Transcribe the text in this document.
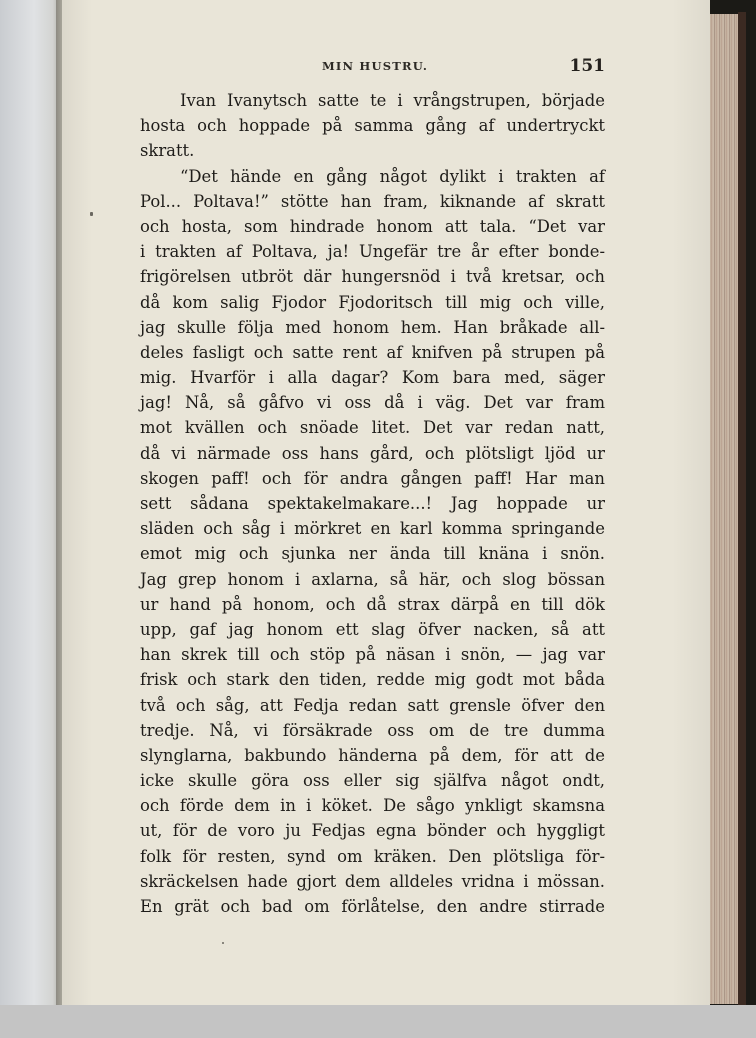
MIN HUSTRU.	151
Ivan Ivanytsch satte te i vrångstrupen, började
hosta och hoppade på samma gång af undertryckt
skratt.
“Det hände en gång något dylikt i trakten af
Pol... Poltava!” stötte han fram, kiknande af skratt
och hosta, som hindrade honom att tala. “Det var
i trakten af Poltava, ja! Ungefär tre år efter bonde-
frigörelsen utbröt där hungersnöd i två kretsar, och
då kom salig Fjodor Fjodoritsch till mig och ville,
jag skulle följa med honom hem. Han bråkade all-
deles fasligt och satte rent af knifven på strupen på
mig. Hvarför i alla dagar? Kom bara med, säger
jag! Nå, så gåfvo vi oss då i väg. Det var fram
mot kvällen och snöade litet. Det var redan natt,
då vi närmade oss hans gård, och plötsligt ljöd ur
skogen paff! och för andra gången paff! Har man
sett sådana spektakelmakare...! Jag hoppade ur
släden och såg i mörkret en karl komma springande
emot mig och sjunka ner ända till knäna i snön.
Jag grep honom i axlarna, så här, och slog bössan
ur hand på honom, och då strax därpå en till dök
upp, gaf jag honom ett slag öfver nacken, så att
han skrek till och stöp på näsan i snön, — jag var
frisk och stark den tiden, redde mig godt mot båda
två och såg, att Fedja redan satt grensle öfver den
tredje. Nå, vi försäkrade oss om de tre dumma
slynglarna, bakbundo händerna på dem, för att de
icke skulle göra oss eller sig själfva något ondt,
och förde dem in i köket. De sågo ynkligt skamsna
ut, för de voro ju Fedjas egna bönder och hyggligt
folk för resten, synd om kräken. Den plötsliga för-
skräckelsen hade gjort dem alldeles vridna i mössan.
En grät och bad om förlåtelse, den andre stirrade
